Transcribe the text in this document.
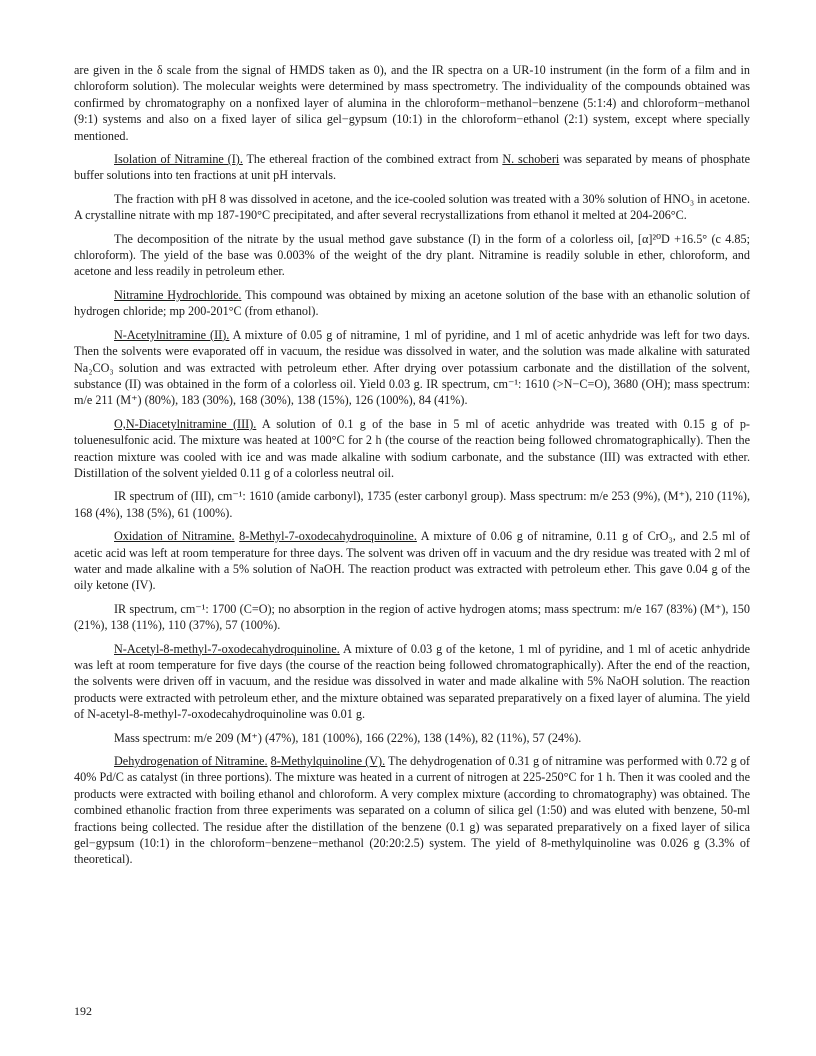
are given in the δ scale from the signal of HMDS taken as 0), and the IR spectra on a UR-10 instrument (in the form of a film and in chloroform solution). The molecular weights were determined by mass spectrometry. The individuality of the compounds obtained was confirmed by chromatography on a nonfixed layer of alumina in the chloroform−methanol−benzene (5:1:4) and chloroform−methanol (9:1) systems and also on a fixed layer of silica gel−gypsum (10:1) in the chloroform−ethanol (2:1) system, except where specially mentioned.

Isolation of Nitramine (I). The ethereal fraction of the combined extract from N. schoberi was separated by means of phosphate buffer solutions into ten fractions at unit pH intervals.

The fraction with pH 8 was dissolved in acetone, and the ice-cooled solution was treated with a 30% solution of HNO₃ in acetone. A crystalline nitrate with mp 187-190°C precipitated, and after several recrystallizations from ethanol it melted at 204-206°C.

The decomposition of the nitrate by the usual method gave substance (I) in the form of a colorless oil, [α]²⁰D +16.5° (c 4.85; chloroform). The yield of the base was 0.003% of the weight of the dry plant. Nitramine is readily soluble in ether, chloroform, and acetone and less readily in petroleum ether.

Nitramine Hydrochloride. This compound was obtained by mixing an acetone solution of the base with an ethanolic solution of hydrogen chloride; mp 200-201°C (from ethanol).

N-Acetylnitramine (II). A mixture of 0.05 g of nitramine, 1 ml of pyridine, and 1 ml of acetic anhydride was left for two days. Then the solvents were evaporated off in vacuum, the residue was dissolved in water, and the solution was made alkaline with saturated Na₂CO₃ solution and was extracted with petroleum ether. After drying over potassium carbonate and the distillation of the solvent, substance (II) was obtained in the form of a colorless oil. Yield 0.03 g. IR spectrum, cm⁻¹: 1610 (>N−C=O), 3680 (OH); mass spectrum: m/e 211 (M⁺) (80%), 183 (30%), 168 (30%), 138 (15%), 126 (100%), 84 (41%).

O,N-Diacetylnitramine (III). A solution of 0.1 g of the base in 5 ml of acetic anhydride was treated with 0.15 g of p-toluenesulfonic acid. The mixture was heated at 100°C for 2 h (the course of the reaction being followed chromatographically). Then the reaction mixture was cooled with ice and was made alkaline with sodium carbonate, and the substance (III) was extracted with ether. Distillation of the solvent yielded 0.11 g of a colorless neutral oil.

IR spectrum of (III), cm⁻¹: 1610 (amide carbonyl), 1735 (ester carbonyl group). Mass spectrum: m/e 253 (9%), (M⁺), 210 (11%), 168 (4%), 138 (5%), 61 (100%).

Oxidation of Nitramine. 8-Methyl-7-oxodecahydroquinoline. A mixture of 0.06 g of nitramine, 0.11 g of CrO₃, and 2.5 ml of acetic acid was left at room temperature for three days. The solvent was driven off in vacuum and the dry residue was treated with 2 ml of water and made alkaline with a 5% solution of NaOH. The reaction product was extracted with petroleum ether. This gave 0.04 g of the oily ketone (IV).

IR spectrum, cm⁻¹: 1700 (C=O); no absorption in the region of active hydrogen atoms; mass spectrum: m/e 167 (83%) (M⁺), 150 (21%), 138 (11%), 110 (37%), 57 (100%).

N-Acetyl-8-methyl-7-oxodecahydroquinoline. A mixture of 0.03 g of the ketone, 1 ml of pyridine, and 1 ml of acetic anhydride was left at room temperature for five days (the course of the reaction being followed chromatographically). After the end of the reaction, the solvents were driven off in vacuum, and the residue was dissolved in water and made alkaline with 5% NaOH solution. The reaction products were extracted with petroleum ether, and the mixture obtained was separated preparatively on a fixed layer of alumina. The yield of N-acetyl-8-methyl-7-oxodecahydroquinoline was 0.01 g.

Mass spectrum: m/e 209 (M⁺) (47%), 181 (100%), 166 (22%), 138 (14%), 82 (11%), 57 (24%).

Dehydrogenation of Nitramine. 8-Methylquinoline (V). The dehydrogenation of 0.31 g of nitramine was performed with 0.72 g of 40% Pd/C as catalyst (in three portions). The mixture was heated in a current of nitrogen at 225-250°C for 1 h. Then it was cooled and the products were extracted with boiling ethanol and chloroform. A very complex mixture (according to chromatography) was obtained. The combined ethanolic fraction from three experiments was separated on a column of silica gel (1:50) and was eluted with benzene, 50-ml fractions being collected. The residue after the distillation of the benzene (0.1 g) was separated preparatively on a fixed layer of silica gel−gypsum (10:1) in the chloroform−benzene−methanol (20:20:2.5) system. The yield of 8-methylquinoline was 0.026 g (3.3% of theoretical).

192
